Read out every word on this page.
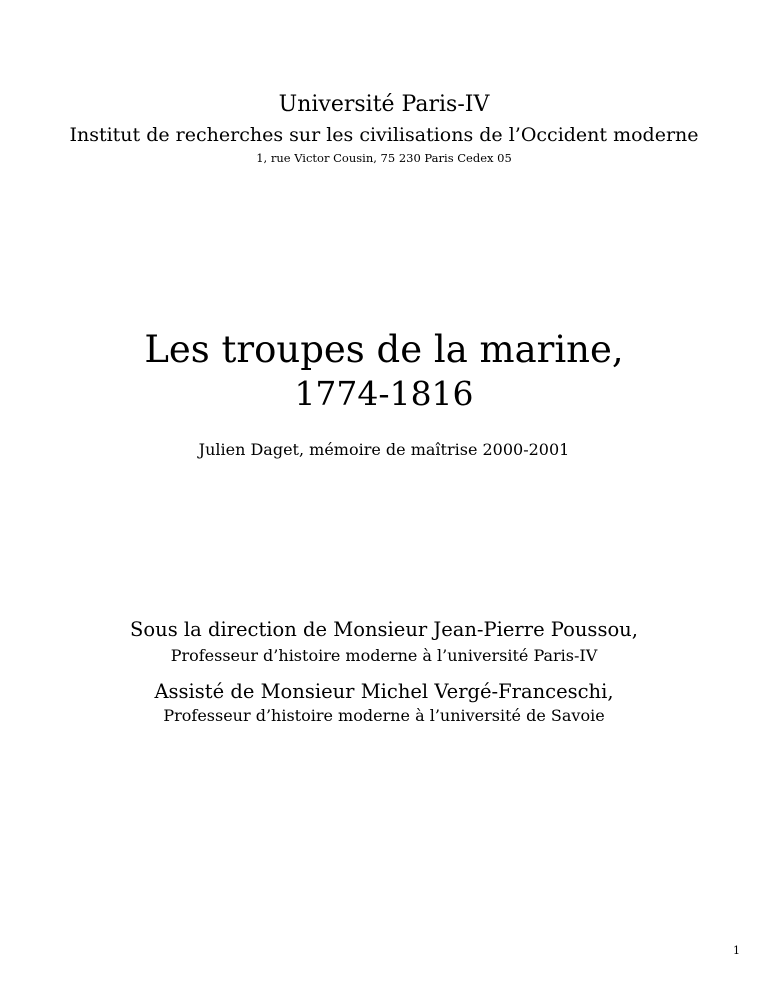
Université Paris-IV
Institut de recherches sur les civilisations de l’Occident moderne
1, rue Victor Cousin, 75 230 Paris Cedex 05
Les troupes de la marine,
1774-1816
Julien Daget, mémoire de maîtrise 2000-2001
Sous la direction de Monsieur Jean-Pierre Poussou,
Professeur d’histoire moderne à l’université Paris-IV
Assisté de Monsieur Michel Vergé-Franceschi,
Professeur d’histoire moderne à l’université de Savoie
1
